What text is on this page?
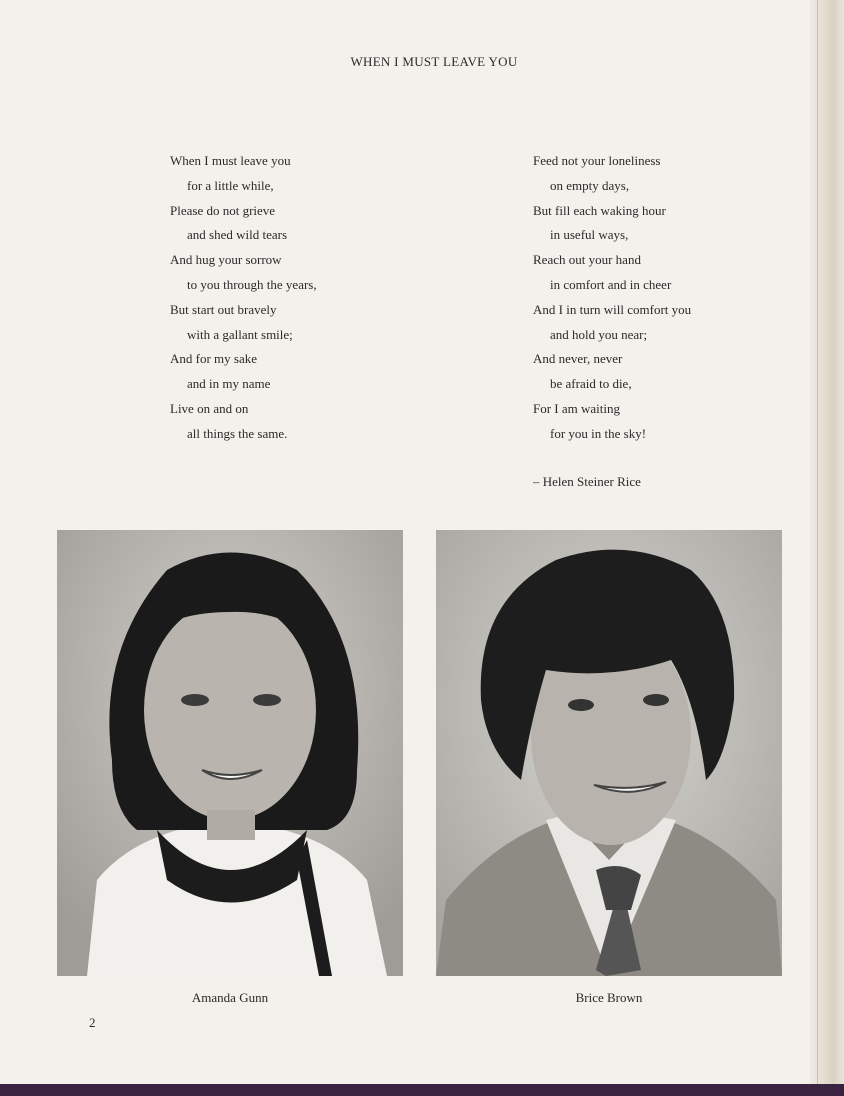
WHEN I MUST LEAVE YOU
When I must leave you
for a little while,
Please do not grieve
and shed wild tears
And hug your sorrow
to you through the years,
But start out bravely
with a gallant smile;
And for my sake
and in my name
Live on and on
all things the same.
Feed not your loneliness
on empty days,
But fill each waking hour
in useful ways,
Reach out your hand
in comfort and in cheer
And I in turn will comfort you
and hold you near;
And never, never
be afraid to die,
For I am waiting
for you in the sky!
– Helen Steiner Rice
Amanda Gunn	Brice Brown
2
